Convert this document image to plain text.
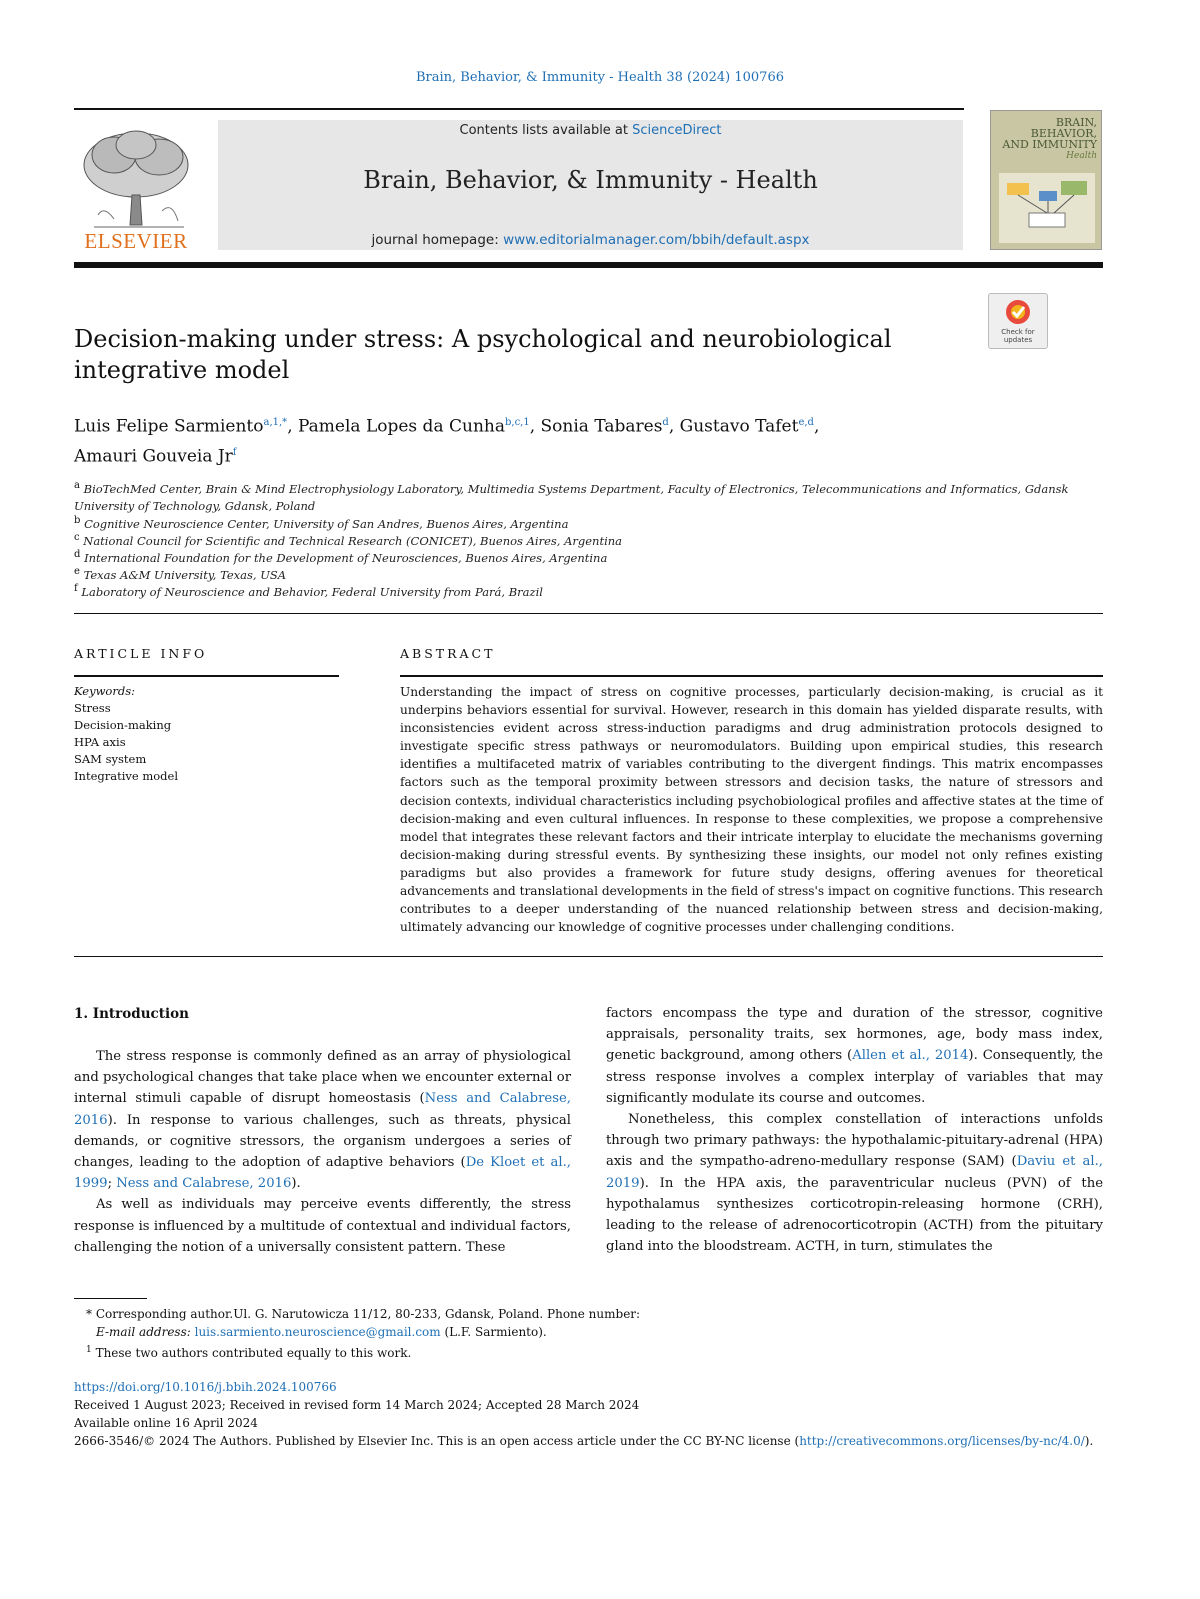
Brain, Behavior, & Immunity - Health 38 (2024) 100766
ELSEVIER
Contents lists available at ScienceDirect
Brain, Behavior, & Immunity - Health
journal homepage: www.editorialmanager.com/bbih/default.aspx
BRAIN, BEHAVIOR, AND IMMUNITY
Health
Decision-making under stress: A psychological and neurobiological integrative model
Check for updates
Luis Felipe Sarmiento$^{a,1,*}$, Pamela Lopes da Cunha$^{b,c,1}$, Sonia Tabares$^d$, Gustavo Tafet$^{e,d}$,
Amauri Gouveia Jr$^f$
$^a$ BioTechMed Center, Brain & Mind Electrophysiology Laboratory, Multimedia Systems Department, Faculty of Electronics, Telecommunications and Informatics, Gdansk University of Technology, Gdansk, Poland
$^b$ Cognitive Neuroscience Center, University of San Andres, Buenos Aires, Argentina
$^c$ National Council for Scientific and Technical Research (CONICET), Buenos Aires, Argentina
$^d$ International Foundation for the Development of Neurosciences, Buenos Aires, Argentina
$^e$ Texas A&M University, Texas, USA
$^f$ Laboratory of Neuroscience and Behavior, Federal University from Pará, Brazil
ARTICLE INFO	ABSTRACT
Keywords:
Stress
Decision-making
HPA axis
SAM system
Integrative model
Understanding the impact of stress on cognitive processes, particularly decision-making, is crucial as it underpins behaviors essential for survival. However, research in this domain has yielded disparate results, with inconsistencies evident across stress-induction paradigms and drug administration protocols designed to investigate specific stress pathways or neuromodulators. Building upon empirical studies, this research identifies a multifaceted matrix of variables contributing to the divergent findings. This matrix encompasses factors such as the temporal proximity between stressors and decision tasks, the nature of stressors and decision contexts, individual characteristics including psychobiological profiles and affective states at the time of decision-making and even cultural influences. In response to these complexities, we propose a comprehensive model that integrates these relevant factors and their intricate interplay to elucidate the mechanisms governing decision-making during stressful events. By synthesizing these insights, our model not only refines existing paradigms but also provides a framework for future study designs, offering avenues for theoretical advancements and translational developments in the field of stress's impact on cognitive functions. This research contributes to a deeper understanding of the nuanced relationship between stress and decision-making, ultimately advancing our knowledge of cognitive processes under challenging conditions.
1. Introduction

The stress response is commonly defined as an array of physiological and psychological changes that take place when we encounter external or internal stimuli capable of disrupt homeostasis (Ness and Calabrese, 2016). In response to various challenges, such as threats, physical demands, or cognitive stressors, the organism undergoes a series of changes, leading to the adoption of adaptive behaviors (De Kloet et al., 1999; Ness and Calabrese, 2016).

As well as individuals may perceive events differently, the stress response is influenced by a multitude of contextual and individual factors, challenging the notion of a universally consistent pattern. These

factors encompass the type and duration of the stressor, cognitive appraisals, personality traits, sex hormones, age, body mass index, genetic background, among others (Allen et al., 2014). Consequently, the stress response involves a complex interplay of variables that may significantly modulate its course and outcomes.

Nonetheless, this complex constellation of interactions unfolds through two primary pathways: the hypothalamic-pituitary-adrenal (HPA) axis and the sympatho-adreno-medullary response (SAM) (Daviu et al., 2019). In the HPA axis, the paraventricular nucleus (PVN) of the hypothalamus synthesizes corticotropin-releasing hormone (CRH), leading to the release of adrenocorticotropin (ACTH) from the pituitary gland into the bloodstream. ACTH, in turn, stimulates the

* Corresponding author.Ul. G. Narutowicza 11/12, 80-233, Gdansk, Poland. Phone number:
E-mail address: luis.sarmiento.neuroscience@gmail.com (L.F. Sarmiento).
$^1$ These two authors contributed equally to this work.
https://doi.org/10.1016/j.bbih.2024.100766
Received 1 August 2023; Received in revised form 14 March 2024; Accepted 28 March 2024
Available online 16 April 2024
2666-3546/© 2024 The Authors. Published by Elsevier Inc. This is an open access article under the CC BY-NC license (http://creativecommons.org/licenses/by-nc/4.0/).
